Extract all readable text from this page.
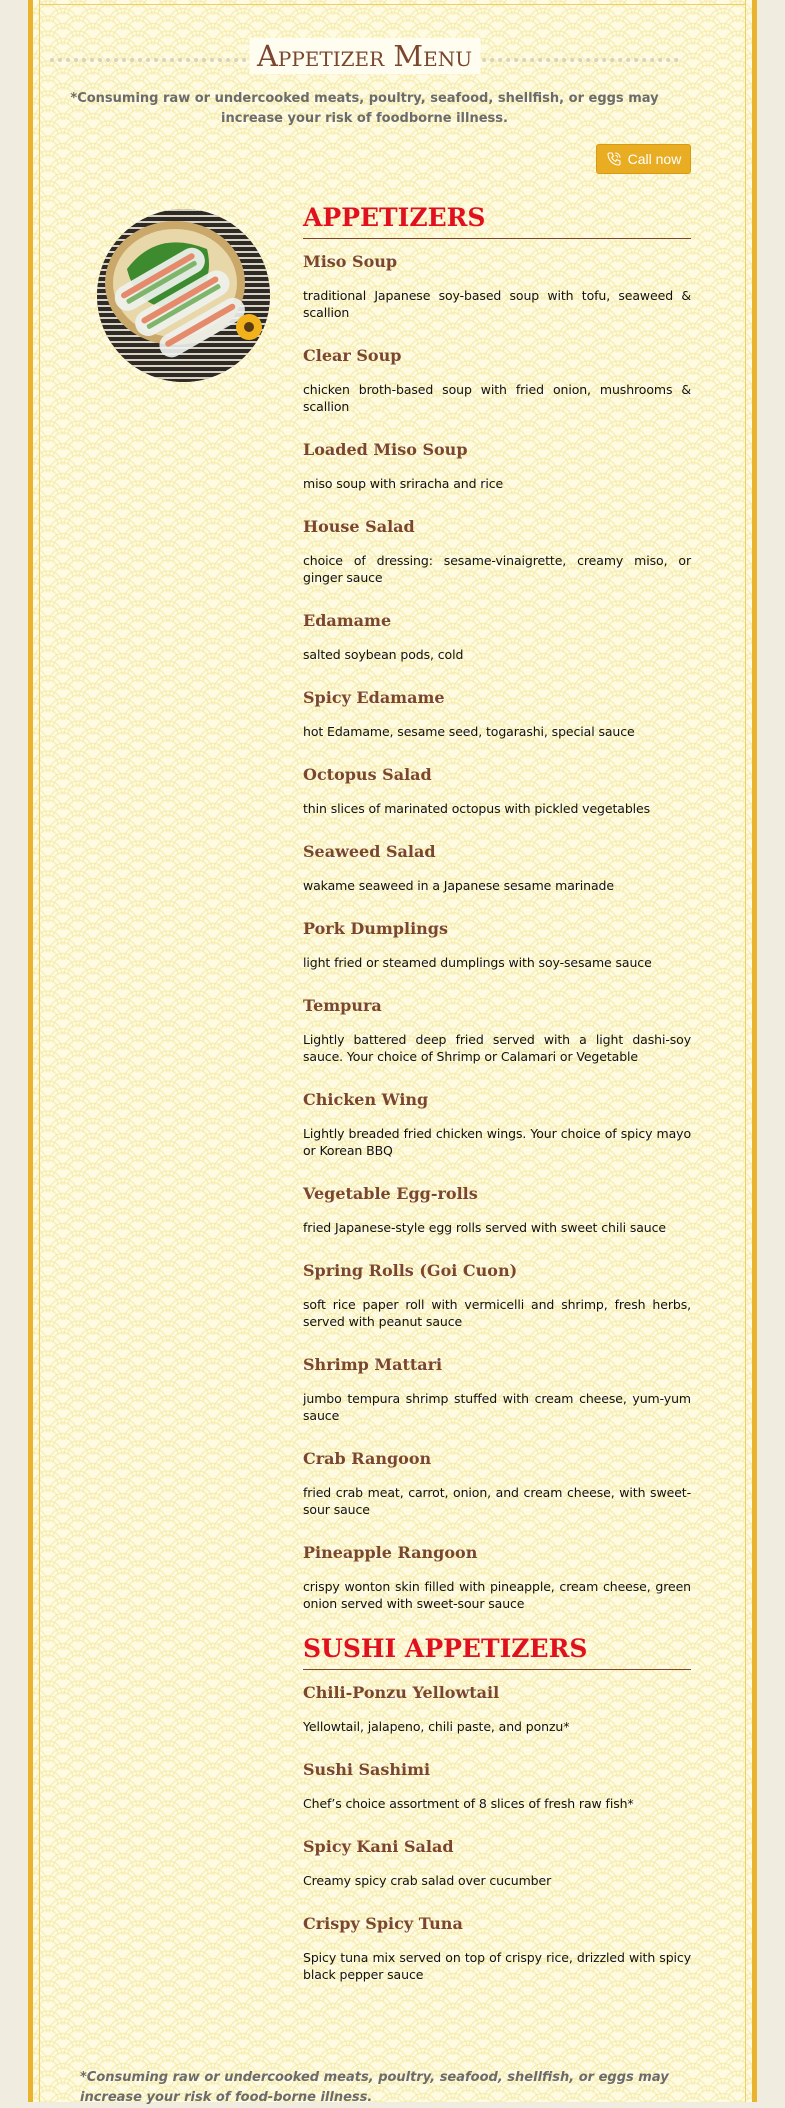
Appetizer Menu
*Consuming raw or undercooked meats, poultry, seafood, shellfish, or eggs may increase your risk of foodborne illness.
Call now
APPETIZERS
Miso Soup

traditional Japanese soy-based soup with tofu, seaweed & scallion

Clear Soup

chicken broth-based soup with fried onion, mushrooms & scallion

Loaded Miso Soup

miso soup with sriracha and rice

House Salad

choice of dressing: sesame-vinaigrette, creamy miso, or ginger sauce

Edamame

salted soybean pods, cold

Spicy Edamame

hot Edamame, sesame seed, togarashi, special sauce

Octopus Salad

thin slices of marinated octopus with pickled vegetables

Seaweed Salad

wakame seaweed in a Japanese sesame marinade

Pork Dumplings

light fried or steamed dumplings with soy-sesame sauce

Tempura

Lightly battered deep fried served with a light dashi-soy sauce. Your choice of Shrimp or Calamari or Vegetable

Chicken Wing

Lightly breaded fried chicken wings. Your choice of spicy mayo or Korean BBQ

Vegetable Egg-rolls

fried Japanese-style egg rolls served with sweet chili sauce

Spring Rolls (Goi Cuon)

soft rice paper roll with vermicelli and shrimp, fresh herbs, served with peanut sauce

Shrimp Mattari

jumbo tempura shrimp stuffed with cream cheese, yum-yum sauce

Crab Rangoon

fried crab meat, carrot, onion, and cream cheese, with sweet-sour sauce

Pineapple Rangoon

crispy wonton skin filled with pineapple, cream cheese, green onion served with sweet-sour sauce

SUSHI APPETIZERS
Chili-Ponzu Yellowtail

Yellowtail, jalapeno, chili paste, and ponzu*

Sushi Sashimi

Chef’s choice assortment of 8 slices of fresh raw fish*

Spicy Kani Salad

Creamy spicy crab salad over cucumber

Crispy Spicy Tuna

Spicy tuna mix served on top of crispy rice, drizzled with spicy black pepper sauce

*Consuming raw or undercooked meats, poultry, seafood, shellfish, or eggs may increase your risk of food-borne illness.
